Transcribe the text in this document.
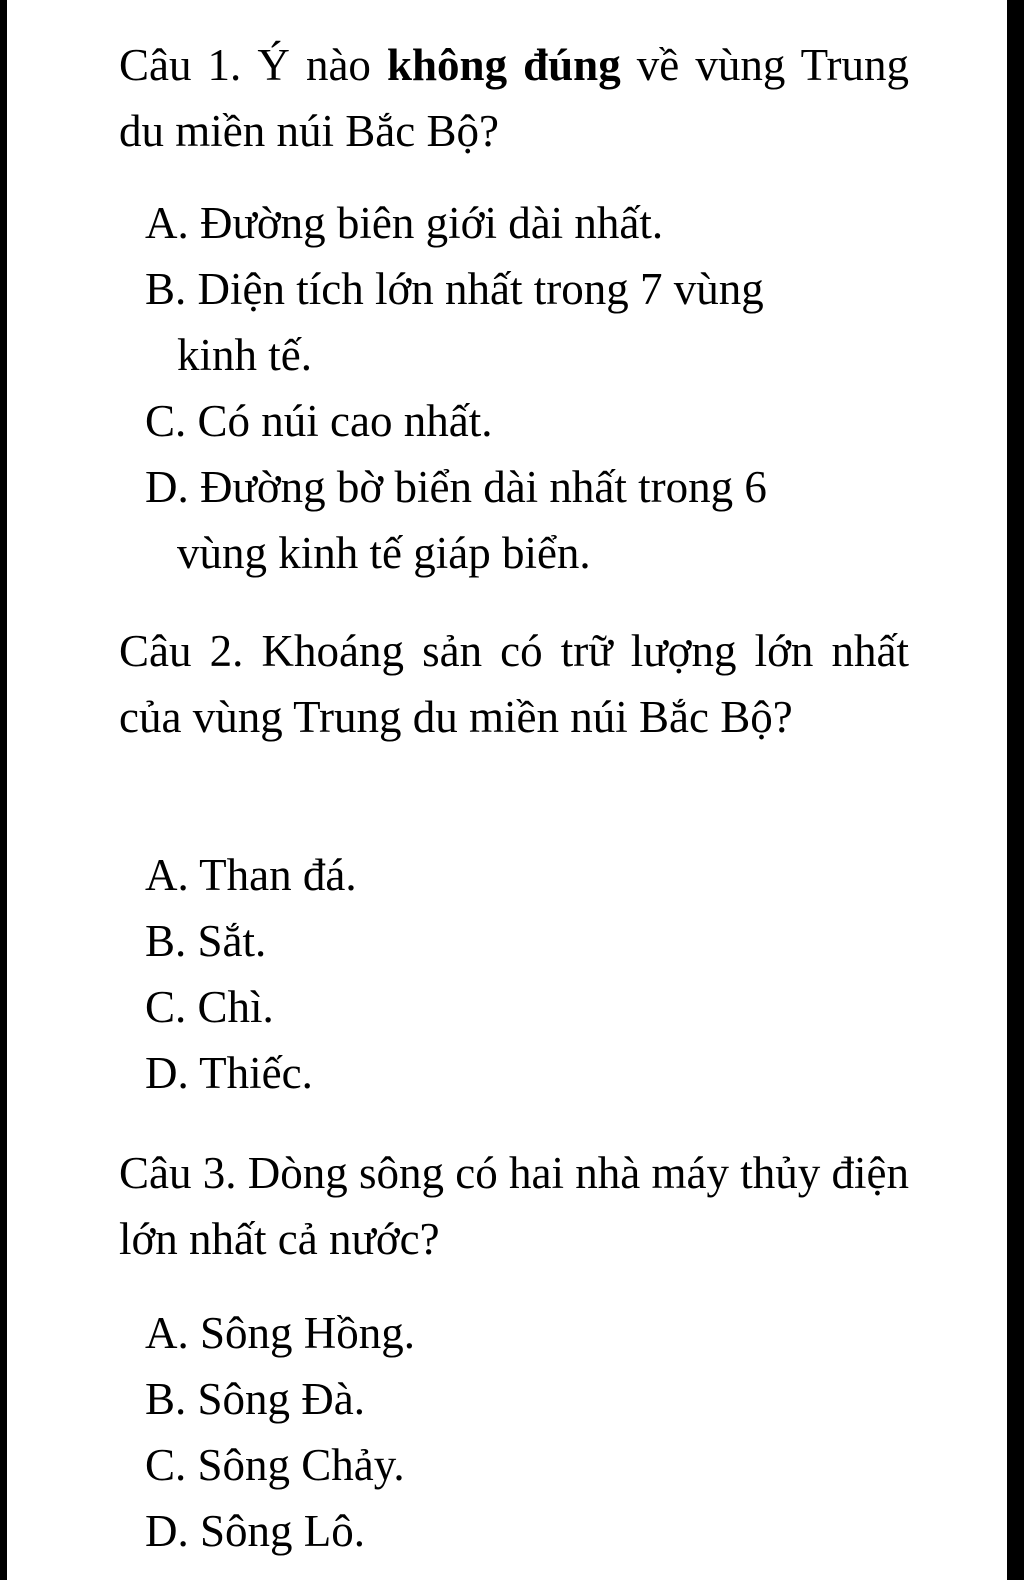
Câu 1. Ý nào không đúng về vùng Trung du miền núi Bắc Bộ?
A. Đường biên giới dài nhất.
B. Diện tích lớn nhất trong 7 vùng
kinh tế.
C. Có núi cao nhất.
D. Đường bờ biển dài nhất trong 6
vùng kinh tế giáp biển.
Câu 2. Khoáng sản có trữ lượng lớn nhất của vùng Trung du miền núi Bắc Bộ?
A. Than đá.
B. Sắt.
C. Chì.
D. Thiếc.
Câu 3. Dòng sông có hai nhà máy thủy điện lớn nhất cả nước?
A. Sông Hồng.
B. Sông Đà.
C. Sông Chảy.
D. Sông Lô.
